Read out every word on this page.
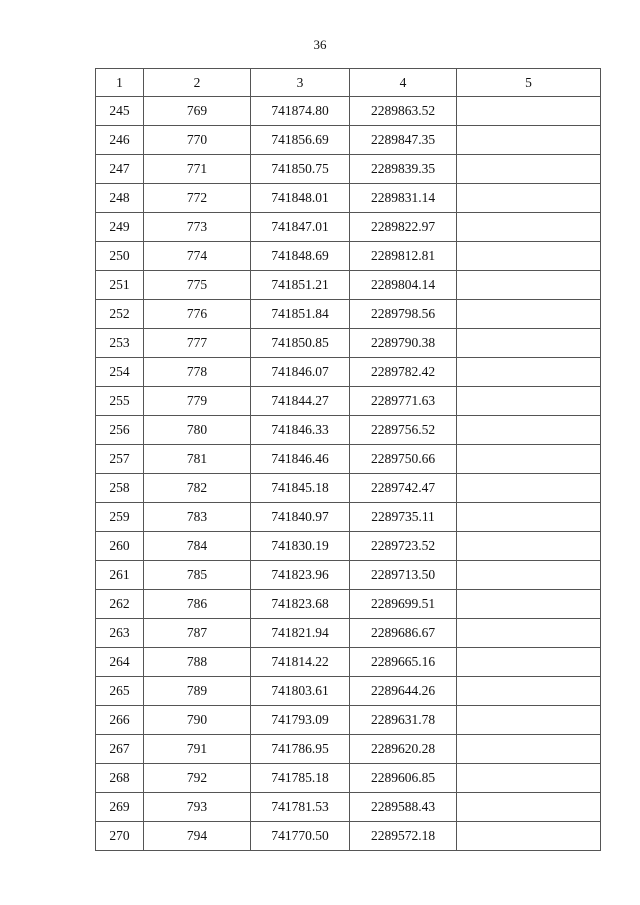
36
1	2	3	4	5
245	769	741874.80	2289863.52	
246	770	741856.69	2289847.35	
247	771	741850.75	2289839.35	
248	772	741848.01	2289831.14	
249	773	741847.01	2289822.97	
250	774	741848.69	2289812.81	
251	775	741851.21	2289804.14	
252	776	741851.84	2289798.56	
253	777	741850.85	2289790.38	
254	778	741846.07	2289782.42	
255	779	741844.27	2289771.63	
256	780	741846.33	2289756.52	
257	781	741846.46	2289750.66	
258	782	741845.18	2289742.47	
259	783	741840.97	2289735.11	
260	784	741830.19	2289723.52	
261	785	741823.96	2289713.50	
262	786	741823.68	2289699.51	
263	787	741821.94	2289686.67	
264	788	741814.22	2289665.16	
265	789	741803.61	2289644.26	
266	790	741793.09	2289631.78	
267	791	741786.95	2289620.28	
268	792	741785.18	2289606.85	
269	793	741781.53	2289588.43	
270	794	741770.50	2289572.18	
